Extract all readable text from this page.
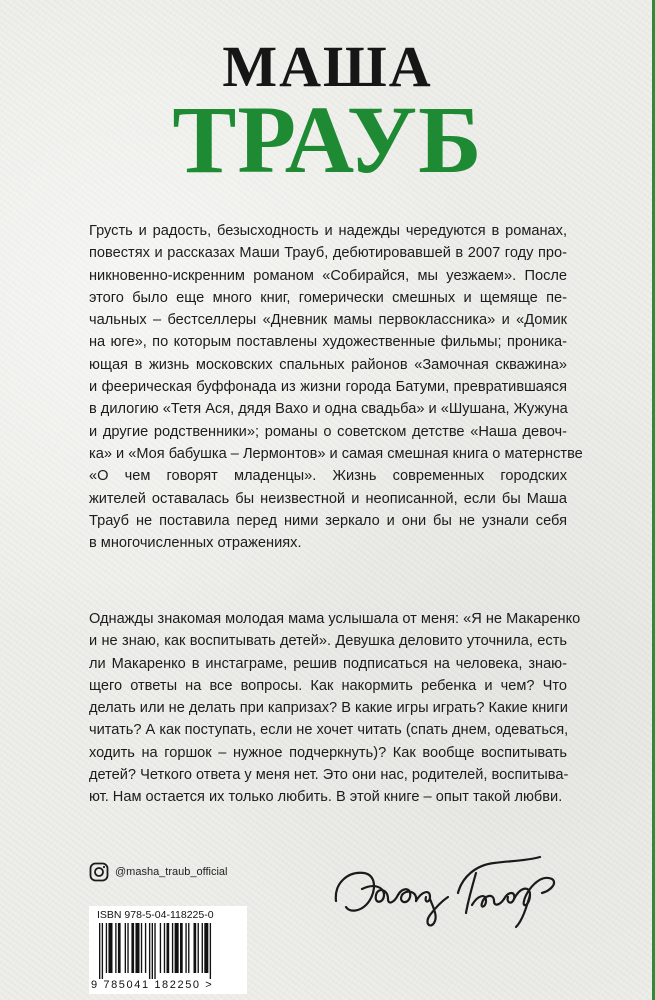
МАША
ТРАУБ
Грусть и радость, безысходность и надежды чередуются в романах,
повестях и рассказах Маши Трауб, дебютировавшей в 2007 году про-
никновенно-искренним романом «Собирайся, мы уезжаем». После
этого было еще много книг, гомерически смешных и щемяще пе-
чальных – бестселлеры «Дневник мамы первоклассника» и «Домик
на юге», по которым поставлены художественные фильмы; проника-
ющая в жизнь московских спальных районов «Замочная скважина»
и феерическая буффонада из жизни города Батуми, превратившаяся
в дилогию «Тетя Ася, дядя Вахо и одна свадьба» и «Шушана, Жужуна
и другие родственники»; романы о советском детстве «Наша девоч-
ка» и «Моя бабушка – Лермонтов» и самая смешная книга о матернстве
«О чем говорят младенцы». Жизнь современных городских
жителей оставалась бы неизвестной и неописанной, если бы Маша
Трауб не поставила перед ними зеркало и они бы не узнали себя
в многочисленных отражениях.
Однажды знакомая молодая мама услышала от меня: «Я не Макаренко
и не знаю, как воспитывать детей». Девушка деловито уточнила, есть
ли Макаренко в инстаграме, решив подписаться на человека, знаю-
щего ответы на все вопросы. Как накормить ребенка и чем? Что
делать или не делать при капризах? В какие игры играть? Какие книги
читать? А как поступать, если не хочет читать (спать днем, одеваться,
ходить на горшок – нужное подчеркнуть)? Как вообще воспитывать
детей? Четкого ответа у меня нет. Это они нас, родителей, воспитыва-
ют. Нам остается их только любить. В этой книге – опыт такой любви.
@masha_traub_official
ISBN 978-5-04-118225-0
9 785041 182250 >
